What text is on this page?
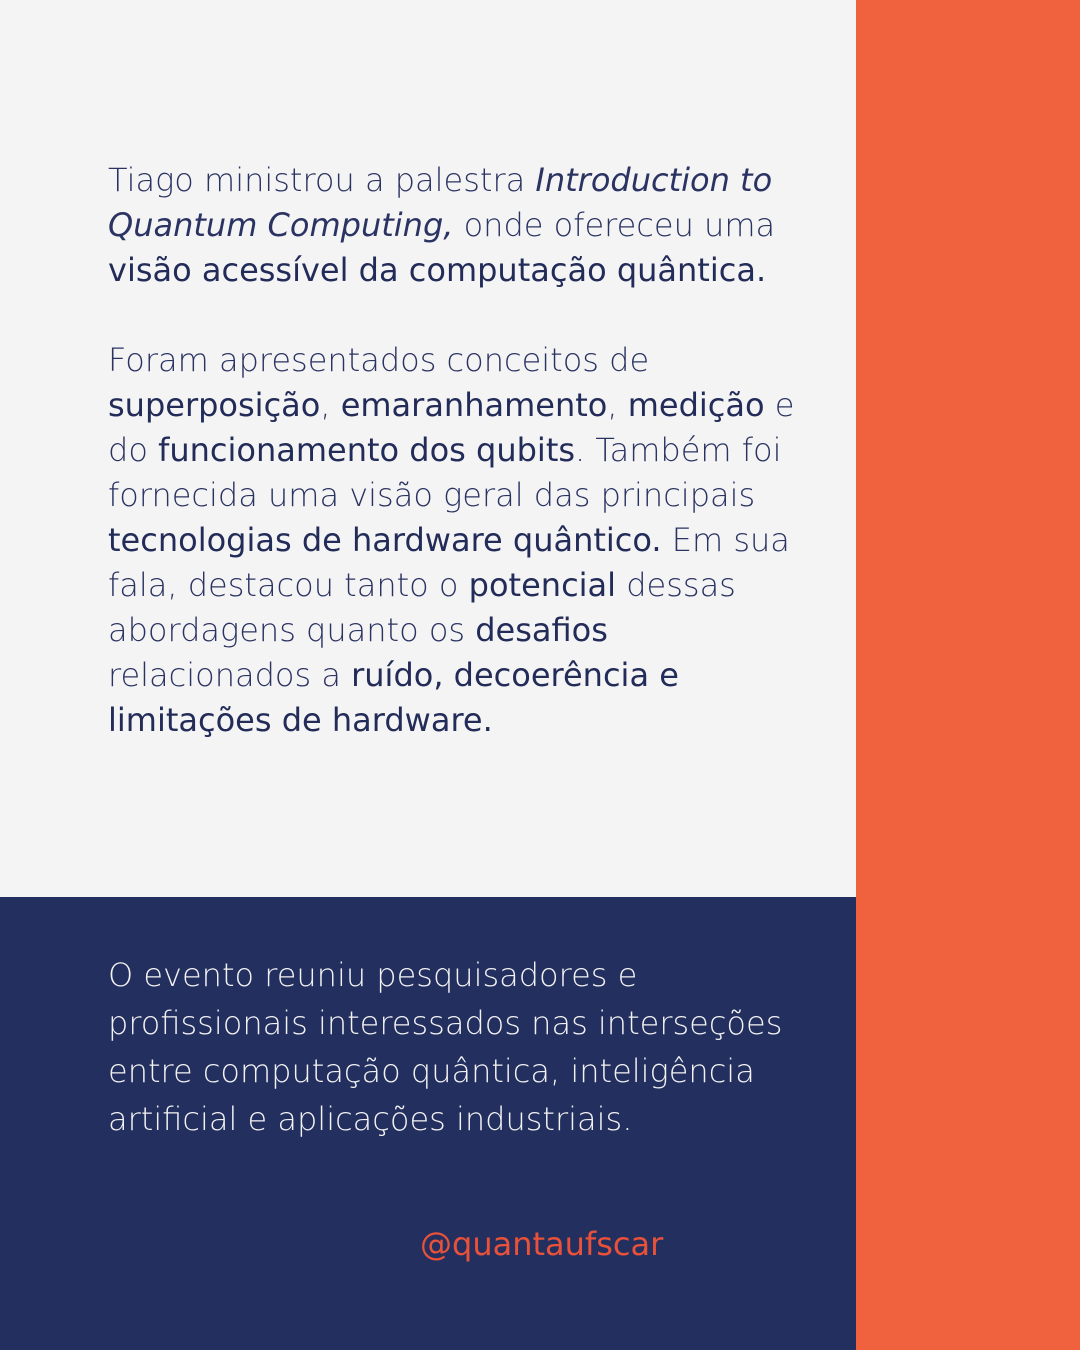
Tiago ministrou a palestra Introduction to Quantum Computing, onde ofereceu uma visão acessível da computação quântica.

Foram apresentados conceitos de superposição, emaranhamento, medição e do funcionamento dos qubits. Também foi fornecida uma visão geral das principais tecnologias de hardware quântico. Em sua fala, destacou tanto o potencial dessas abordagens quanto os desafios relacionados a ruído, decoerência e limitações de hardware.

O evento reuniu pesquisadores e profissionais interessados nas interseções entre computação quântica, inteligência artificial e aplicações industriais.

@quantaufscar
